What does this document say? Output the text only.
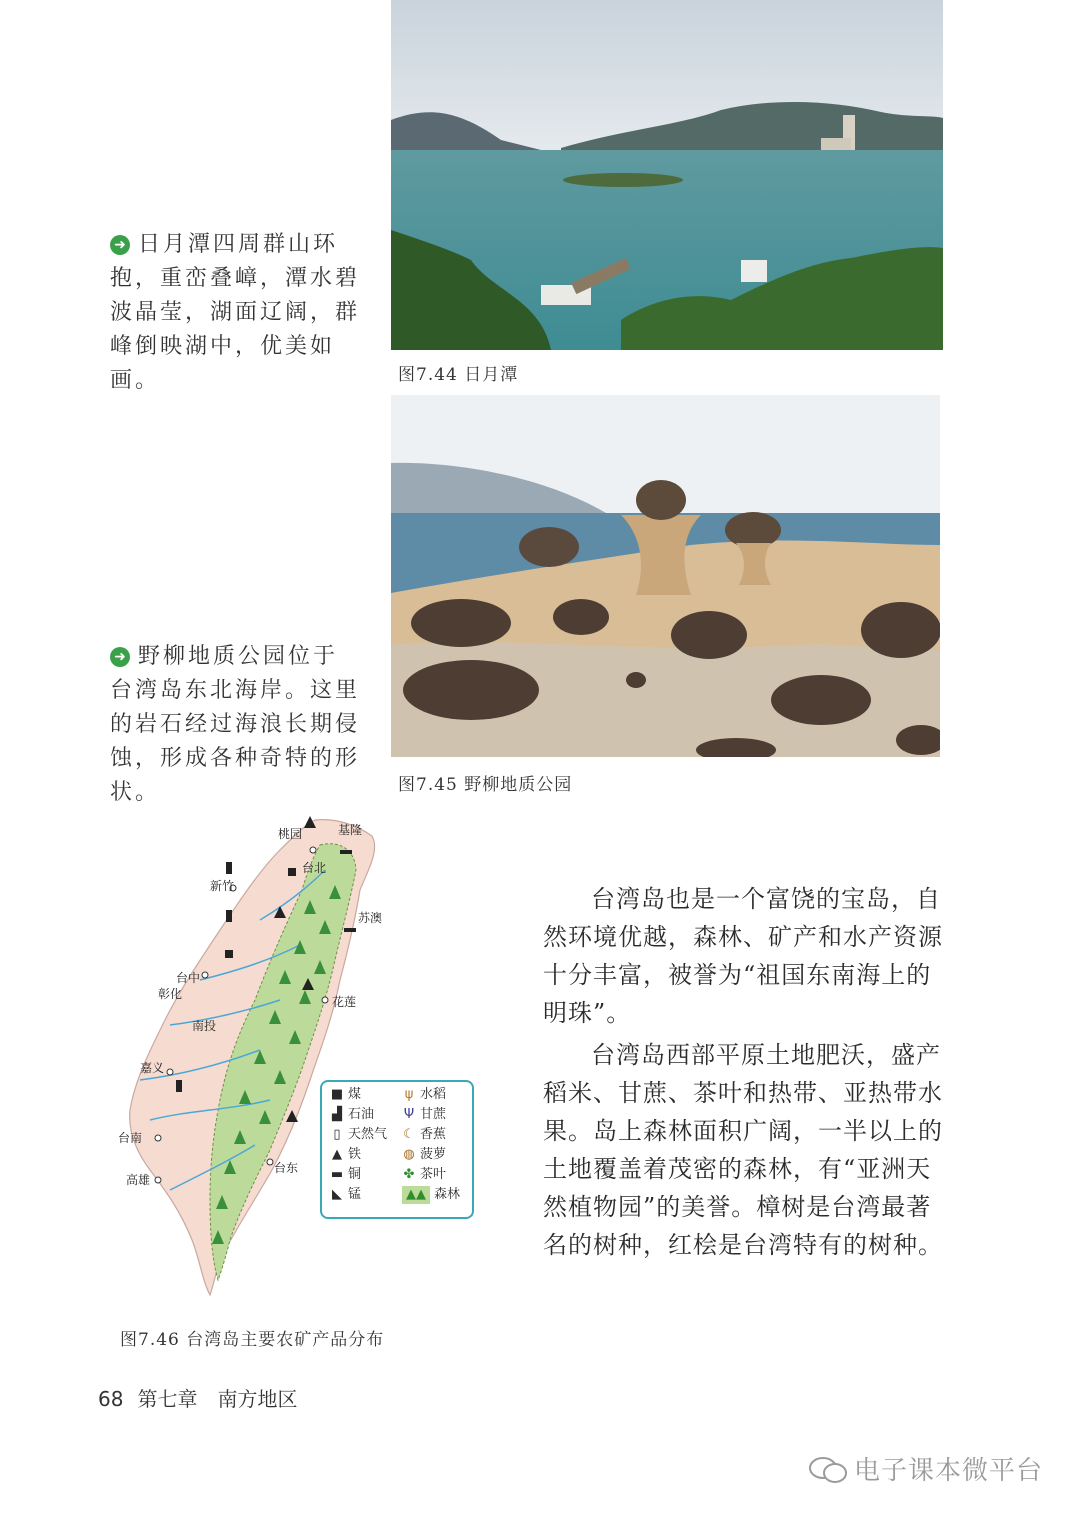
➜ 日月潭四周群山环抱，重峦叠嶂，潭水碧波晶莹，湖面辽阔，群峰倒映湖中，优美如画。	图7.44 日月潭
➜ 野柳地质公园位于台湾岛东北海岸。这里的岩石经过海浪长期侵蚀，形成各种奇特的形状。	图7.45 野柳地质公园
桃园	基隆
台北
新竹
苏澳
台中
彰化
花莲
南投
嘉义
台南
台东
高雄
■ 煤
▟ 石油
▯ 天然气
▲ 铁
▬ 铜
◣ 锰
ψ 水稻
Ψ 甘蔗
☾ 香蕉
◍ 菠萝
✤ 茶叶
▲▲ 森林
图7.46 台湾岛主要农矿产品分布

台湾岛也是一个富饶的宝岛，自然环境优越，森林、矿产和水产资源十分丰富，被誉为“祖国东南海上的明珠”。

台湾岛西部平原土地肥沃，盛产稻米、甘蔗、茶叶和热带、亚热带水果。岛上森林面积广阔，一半以上的土地覆盖着茂密的森林，有“亚洲天然植物园”的美誉。樟树是台湾最著名的树种，红桧是台湾特有的树种。

68 第七章　南方地区
电子课本微平台
